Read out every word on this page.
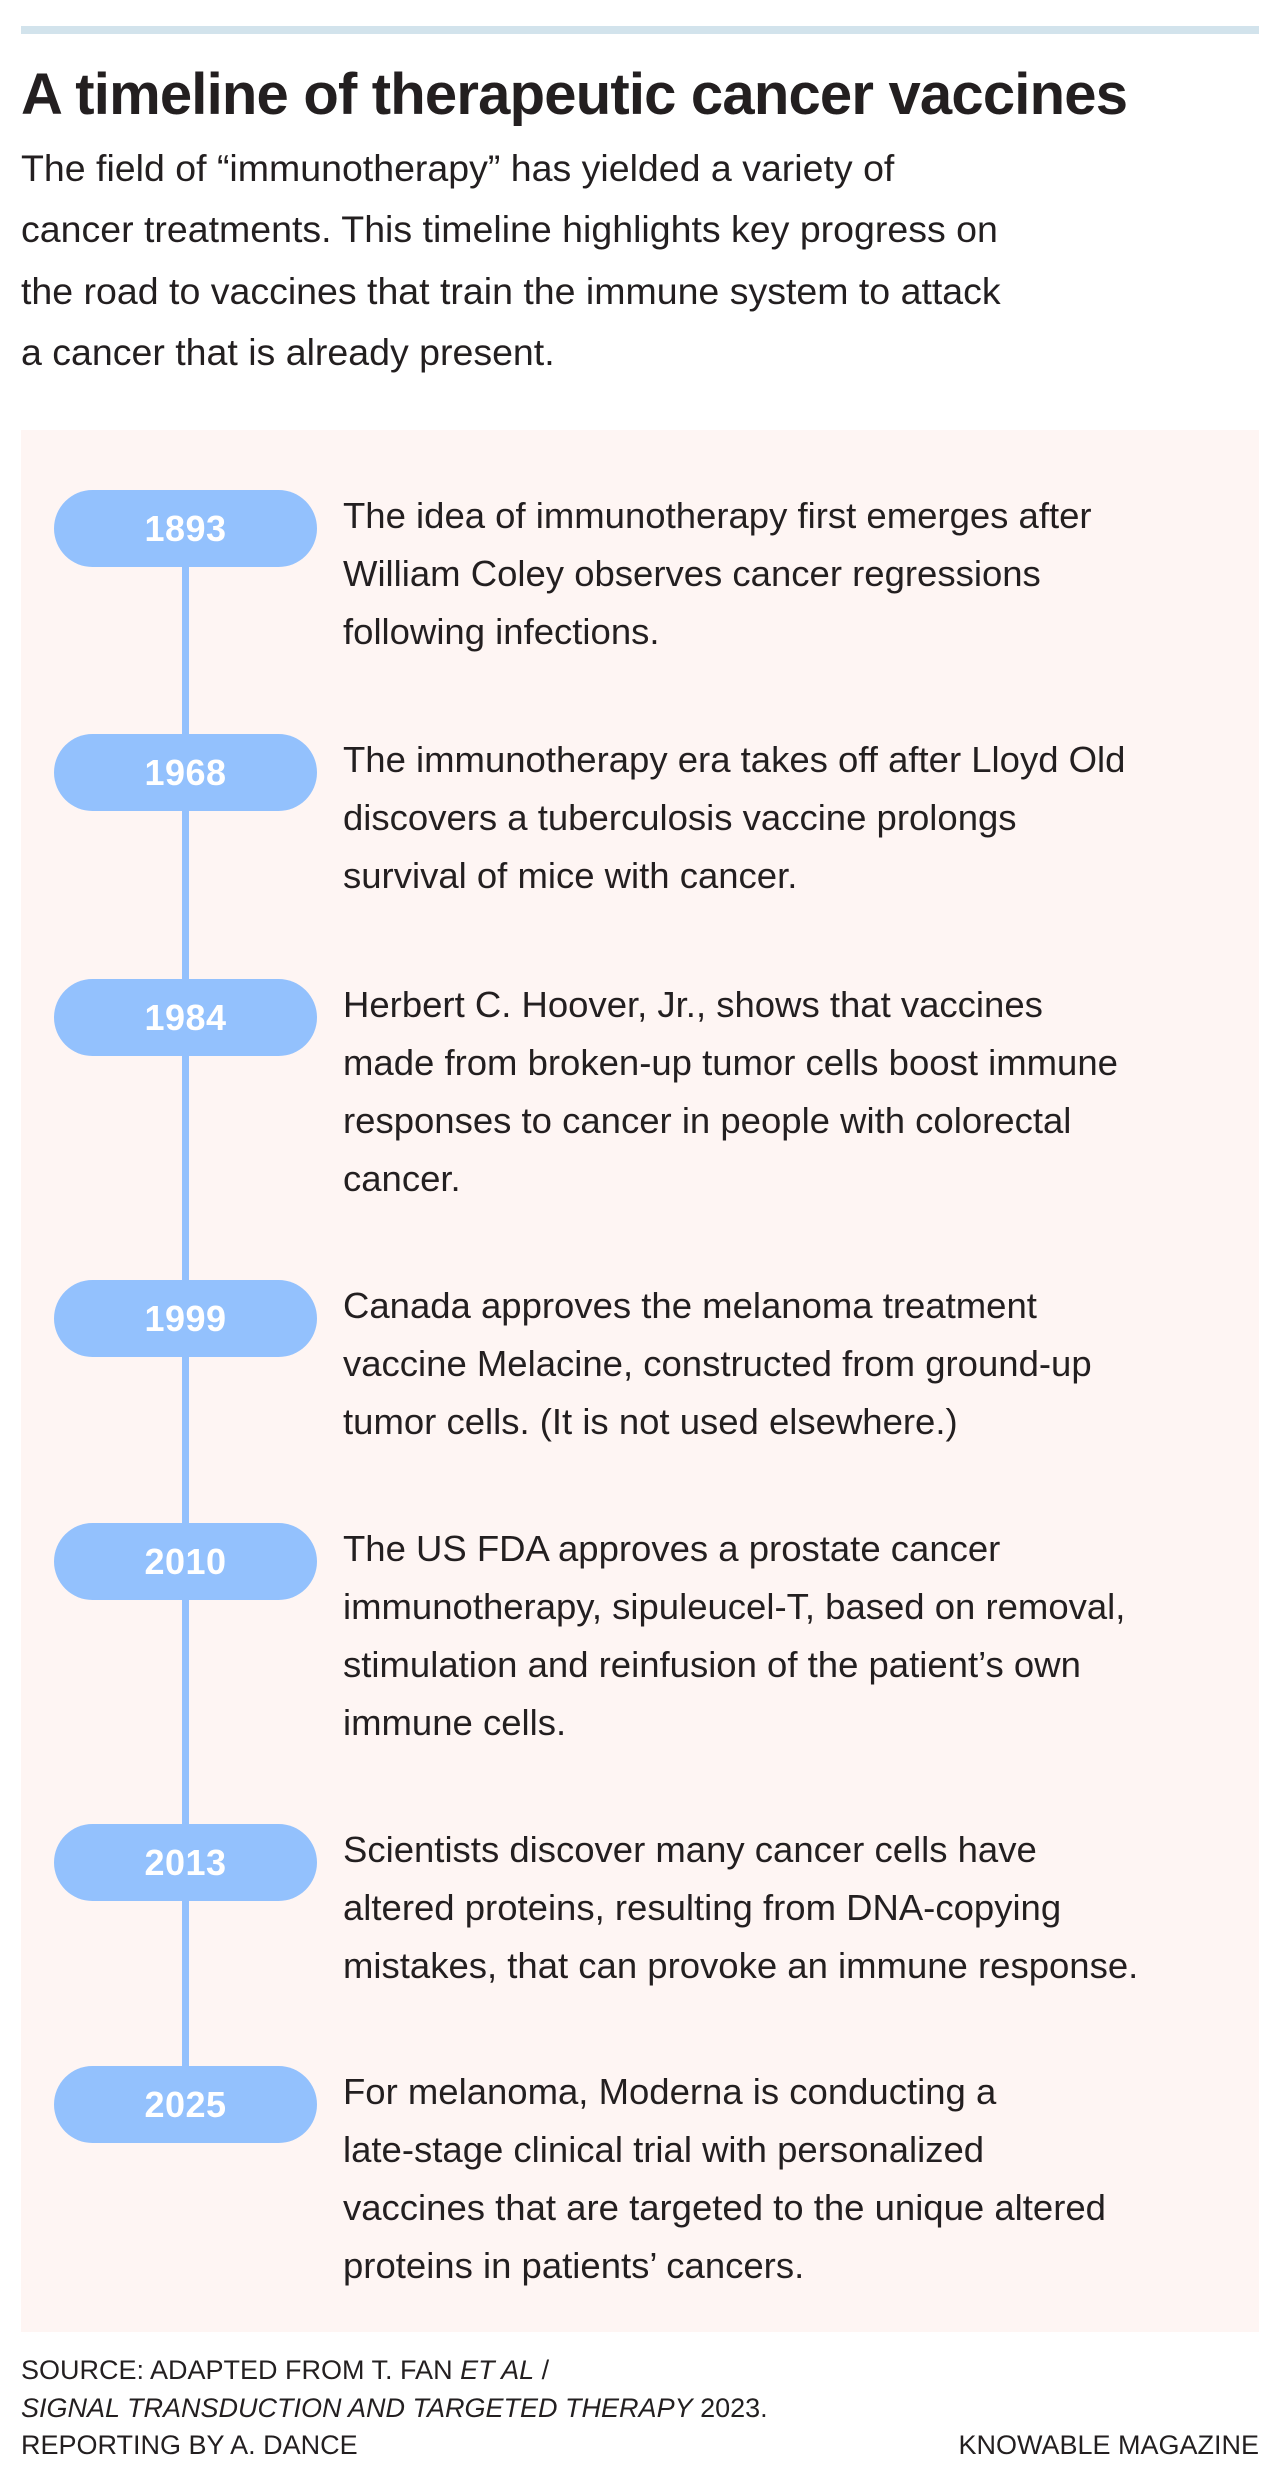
A timeline of therapeutic cancer vaccines
The field of “immunotherapy” has yielded a variety of
cancer treatments. This timeline highlights key progress on
the road to vaccines that train the immune system to attack
a cancer that is already present.
1893	The idea of immunotherapy first emerges after
William Coley observes cancer regressions
following infections.
1968	The immunotherapy era takes off after Lloyd Old
discovers a tuberculosis vaccine prolongs
survival of mice with cancer.
1984	Herbert C. Hoover, Jr., shows that vaccines
made from broken-up tumor cells boost immune
responses to cancer in people with colorectal
cancer.
1999	Canada approves the melanoma treatment
vaccine Melacine, constructed from ground-up
tumor cells. (It is not used elsewhere.)
2010	The US FDA approves a prostate cancer
immunotherapy, sipuleucel-T, based on removal,
stimulation and reinfusion of the patient’s own
immune cells.
2013	Scientists discover many cancer cells have
altered proteins, resulting from DNA-copying
mistakes, that can provoke an immune response.
2025	For melanoma, Moderna is conducting a
late-stage clinical trial with personalized
vaccines that are targeted to the unique altered
proteins in patients’ cancers.
SOURCE: ADAPTED FROM T. FAN ET AL /
SIGNAL TRANSDUCTION AND TARGETED THERAPY 2023.
REPORTING BY A. DANCE	KNOWABLE MAGAZINE
